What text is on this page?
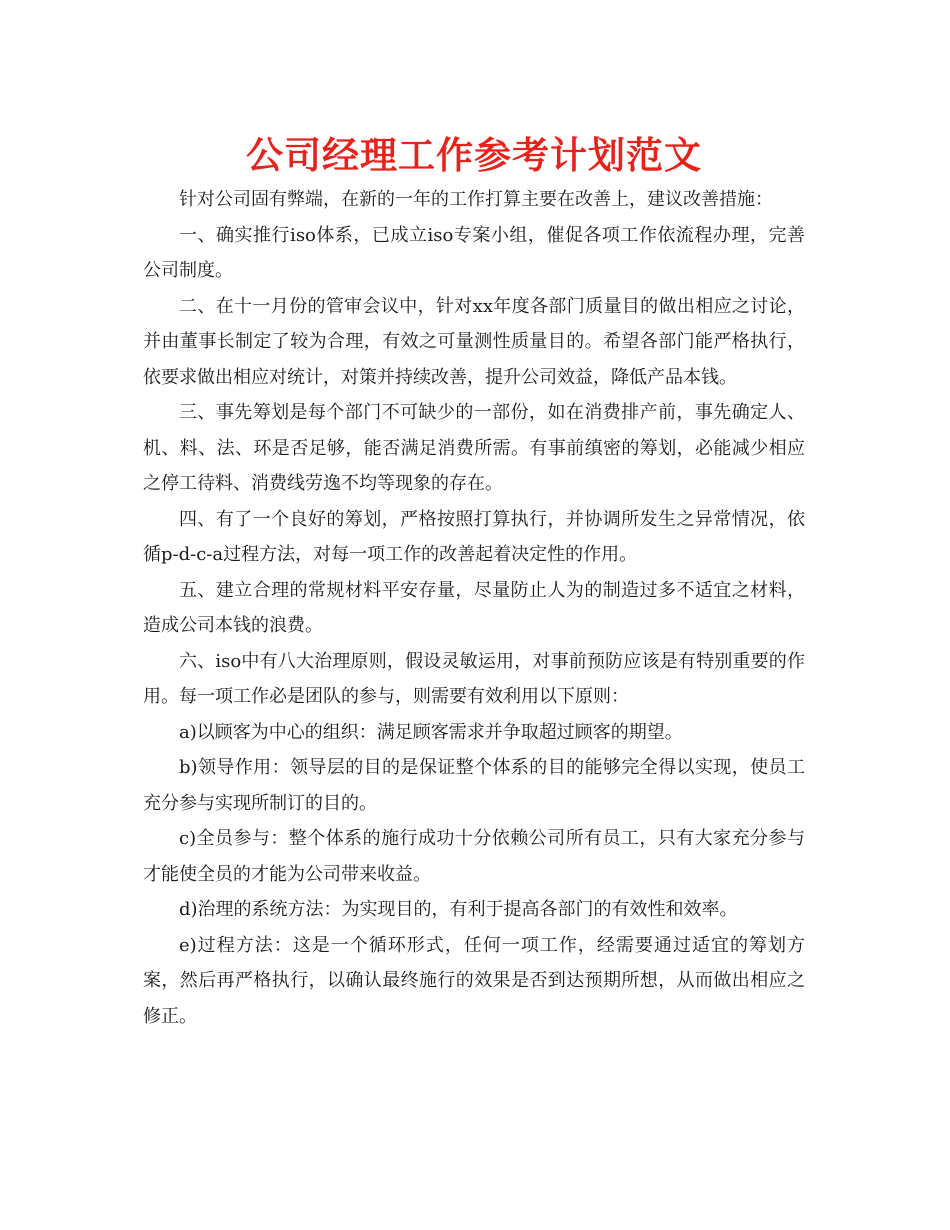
公司经理工作参考计划范文

针对公司固有弊端，在新的一年的工作打算主要在改善上，建议改善措施：

一、确实推行iso体系，已成立iso专案小组，催促各项工作依流程办理，完善公司制度。

二、在十一月份的管审会议中，针对xx年度各部门质量目的做出相应之讨论，并由董事长制定了较为合理，有效之可量测性质量目的。希望各部门能严格执行，依要求做出相应对统计，对策并持续改善，提升公司效益，降低产品本钱。

三、事先筹划是每个部门不可缺少的一部份，如在消费排产前，事先确定人、机、料、法、环是否足够，能否满足消费所需。有事前缜密的筹划，必能减少相应之停工待料、消费线劳逸不均等现象的存在。

四、有了一个良好的筹划，严格按照打算执行，并协调所发生之异常情况，依循p-d-c-a过程方法，对每一项工作的改善起着决定性的作用。

五、建立合理的常规材料平安存量，尽量防止人为的制造过多不适宜之材料，造成公司本钱的浪费。

六、iso中有八大治理原则，假设灵敏运用，对事前预防应该是有特别重要的作用。每一项工作必是团队的参与，则需要有效利用以下原则：

a)以顾客为中心的组织：满足顾客需求并争取超过顾客的期望。

b)领导作用：领导层的目的是保证整个体系的目的能够完全得以实现，使员工充分参与实现所制订的目的。

c)全员参与：整个体系的施行成功十分依赖公司所有员工，只有大家充分参与才能使全员的才能为公司带来收益。

d)治理的系统方法：为实现目的，有利于提高各部门的有效性和效率。

e)过程方法：这是一个循环形式，任何一项工作，经需要通过适宜的筹划方案，然后再严格执行，以确认最终施行的效果是否到达预期所想，从而做出相应之修正。
